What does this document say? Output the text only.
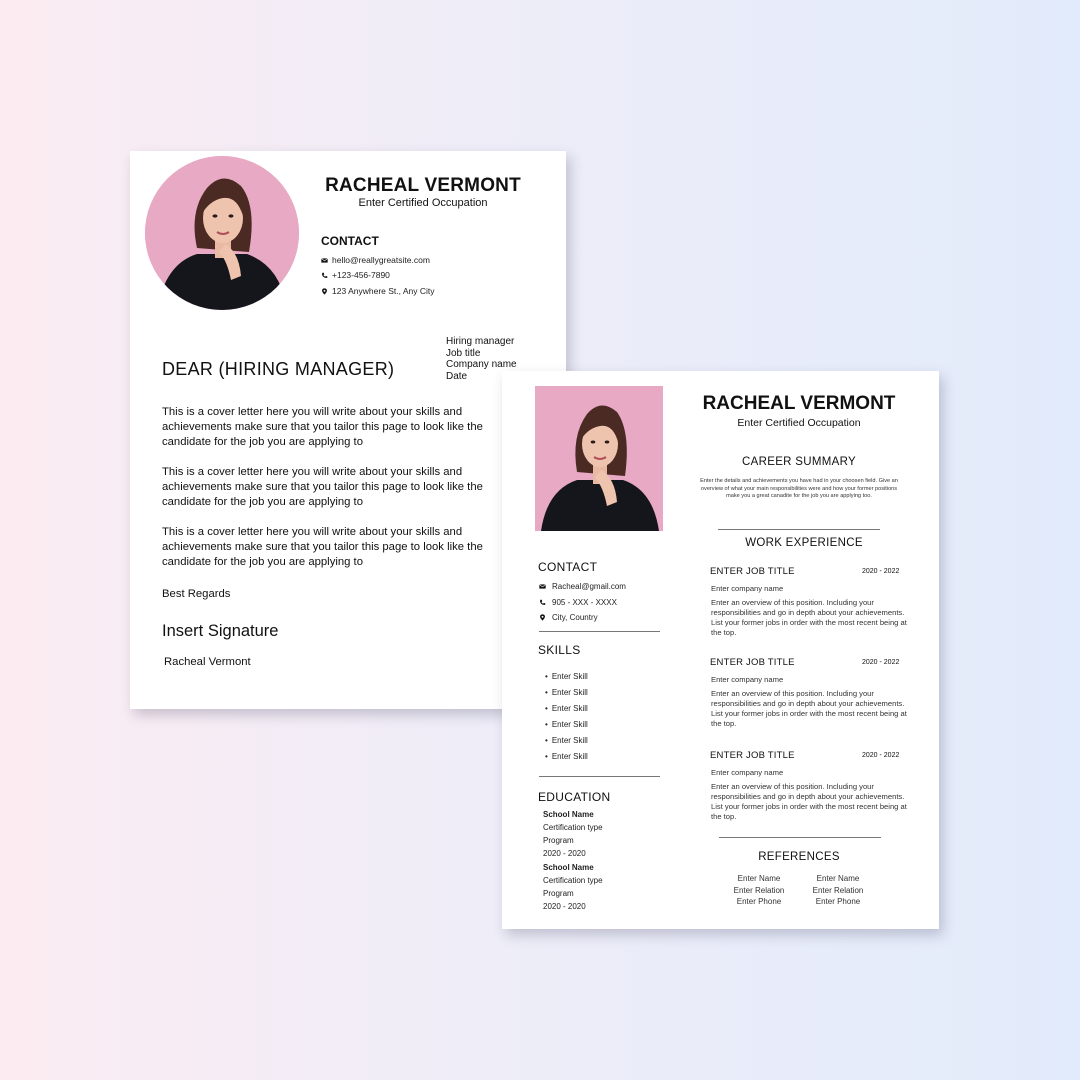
RACHEAL VERMONT
Enter Certified Occupation
CONTACT
hello@reallygreatsite.com
+123-456-7890
123 Anywhere St., Any City
Hiring manager
Job title
Company name
Date
DEAR (HIRING MANAGER)
This is a cover letter here you will write about your skills and achievements make sure that you tailor this page to look like the candidate for the job you are applying to
This is a cover letter here you will write about your skills and achievements make sure that you tailor this page to look like the candidate for the job you are applying to
This is a cover letter here you will write about your skills and achievements make sure that you tailor this page to look like the candidate for the job you are applying to
Best Regards
Insert Signature
Racheal Vermont
RACHEAL VERMONT
Enter Certified Occupation
CAREER SUMMARY
Enter the details and achievements you have had in your choosen field. Give an overview of what your main responsibilities were and how your former positions make you a great canadite for the job you are applying too.
WORK EXPERIENCE
ENTER JOB TITLE	2020 - 2022
Enter company name
Enter an overview of this position. Including your responsibilities and go in depth about your achievements. List your former jobs in order with the most recent being at the top.
ENTER JOB TITLE	2020 - 2022
Enter company name
Enter an overview of this position. Including your responsibilities and go in depth about your achievements. List your former jobs in order with the most recent being at the top.
ENTER JOB TITLE	2020 - 2022
Enter company name
Enter an overview of this position. Including your responsibilities and go in depth about your achievements. List your former jobs in order with the most recent being at the top.
REFERENCES
Enter Name
Enter Relation
Enter Phone
Enter Name
Enter Relation
Enter Phone
CONTACT
Racheal@gmail.com
905 - XXX - XXXX
City, Country
SKILLS
• Enter Skill
• Enter Skill
• Enter Skill
• Enter Skill
• Enter Skill
• Enter Skill
EDUCATION
School Name
Certification type
Program
2020 - 2020
School Name
Certification type
Program
2020 - 2020
